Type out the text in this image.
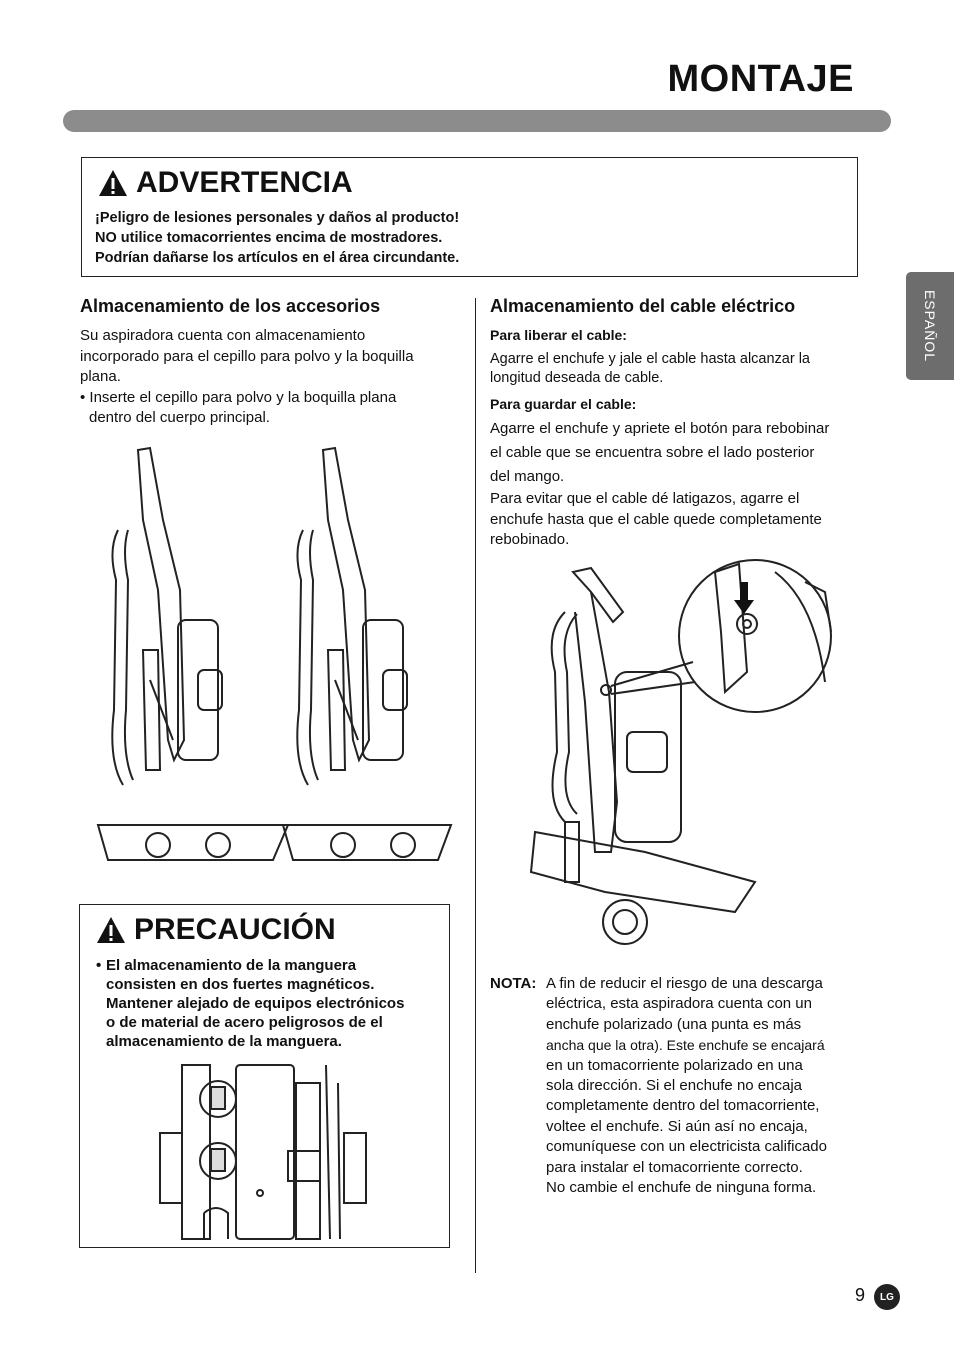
MONTAJE
ESPAÑOL
ADVERTENCIA
¡Peligro de lesiones personales y daños al producto!
NO utilice tomacorrientes encima de mostradores.
Podrían dañarse los artículos en el área circundante.
Almacenamiento de los accesorios
Su aspiradora cuenta con almacenamiento
incorporado para el cepillo para polvo y la boquilla
plana.
• Inserte el cepillo para polvo y la boquilla plana
dentro del cuerpo principal.
PRECAUCIÓN
• El almacenamiento de la manguera
consisten en dos fuertes magnéticos.
Mantener alejado de equipos electrónicos
o de material de acero peligrosos de el
almacenamiento de la manguera.
Almacenamiento del cable eléctrico
Para liberar el cable:
Agarre el enchufe y jale el cable hasta alcanzar la
longitud deseada de cable.
Para guardar el cable:
Agarre el enchufe y apriete el botón para rebobinar
el cable que se encuentra sobre el lado posterior
del mango.
Para evitar que el cable dé latigazos, agarre el
enchufe hasta que el cable quede completamente
rebobinado.
NOTA: A fin de reducir el riesgo de una descarga
eléctrica, esta aspiradora cuenta con un
enchufe polarizado (una punta es más
ancha que la otra). Este enchufe se encajará
en un tomacorriente polarizado en una
sola dirección. Si el enchufe no encaja
completamente dentro del tomacorriente,
voltee el enchufe. Si aún así no encaja,
comuníquese con un electricista calificado
para instalar el tomacorriente correcto.
No cambie el enchufe de ninguna forma.
9	LG
